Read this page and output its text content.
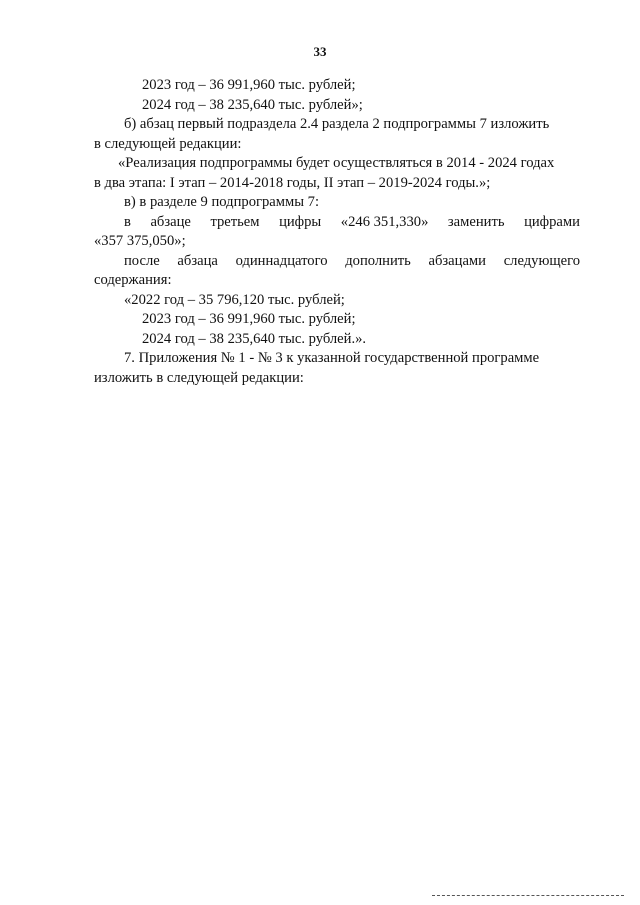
33
2023 год – 36 991,960 тыс. рублей;
2024 год – 38 235,640 тыс. рублей»;
б) абзац первый подраздела 2.4 раздела 2 подпрограммы 7 изложить
в следующей редакции:
«Реализация подпрограммы будет осуществляться в 2014 - 2024 годах
в два этапа: I этап – 2014-2018 годы, II этап – 2019-2024 годы.»;
в) в разделе 9 подпрограммы 7:
в абзаце третьем цифры «246 351,330» заменить цифрами
«357 375,050»;
после абзаца одиннадцатого дополнить абзацами следующего
содержания:
«2022 год – 35 796,120 тыс. рублей;
2023 год – 36 991,960 тыс. рублей;
2024 год – 38 235,640 тыс. рублей.».
7. Приложения № 1 - № 3 к указанной государственной программе
изложить в следующей редакции:
